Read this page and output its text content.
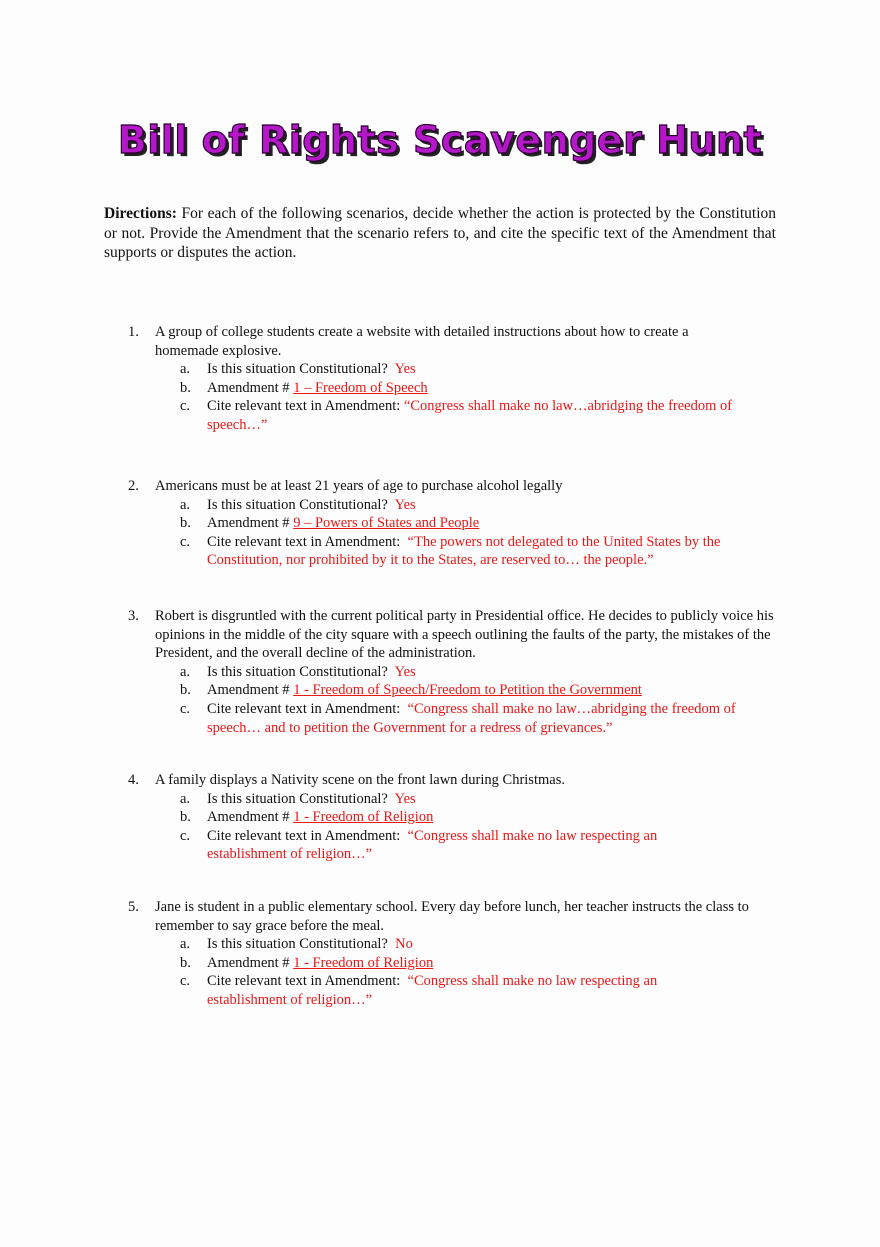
Bill of Rights Scavenger Hunt
Directions: For each of the following scenarios, decide whether the action is protected by the Constitution or not. Provide the Amendment that the scenario refers to, and cite the specific text of the Amendment that supports or disputes the action.
1.	A group of college students create a website with detailed instructions about how to create a homemade explosive.
a. Is this situation Constitutional? Yes
b. Amendment # 1 – Freedom of Speech
c. Cite relevant text in Amendment: “Congress shall make no law…abridging the freedom of speech…”
2.	Americans must be at least 21 years of age to purchase alcohol legally
a. Is this situation Constitutional? Yes
b. Amendment # 9 – Powers of States and People
c. Cite relevant text in Amendment: “The powers not delegated to the United States by the Constitution, nor prohibited by it to the States, are reserved to… the people.”
3.	Robert is disgruntled with the current political party in Presidential office. He decides to publicly voice his opinions in the middle of the city square with a speech outlining the faults of the party, the mistakes of the President, and the overall decline of the administration.
a. Is this situation Constitutional? Yes
b. Amendment # 1 - Freedom of Speech/Freedom to Petition the Government
c. Cite relevant text in Amendment: “Congress shall make no law…abridging the freedom of speech… and to petition the Government for a redress of grievances.”
4.	A family displays a Nativity scene on the front lawn during Christmas.
a. Is this situation Constitutional? Yes
b. Amendment # 1 - Freedom of Religion
c. Cite relevant text in Amendment: “Congress shall make no law respecting an establishment of religion…”
5.	Jane is student in a public elementary school. Every day before lunch, her teacher instructs the class to remember to say grace before the meal.
a. Is this situation Constitutional? No
b. Amendment # 1 - Freedom of Religion
c. Cite relevant text in Amendment: “Congress shall make no law respecting an establishment of religion…”
